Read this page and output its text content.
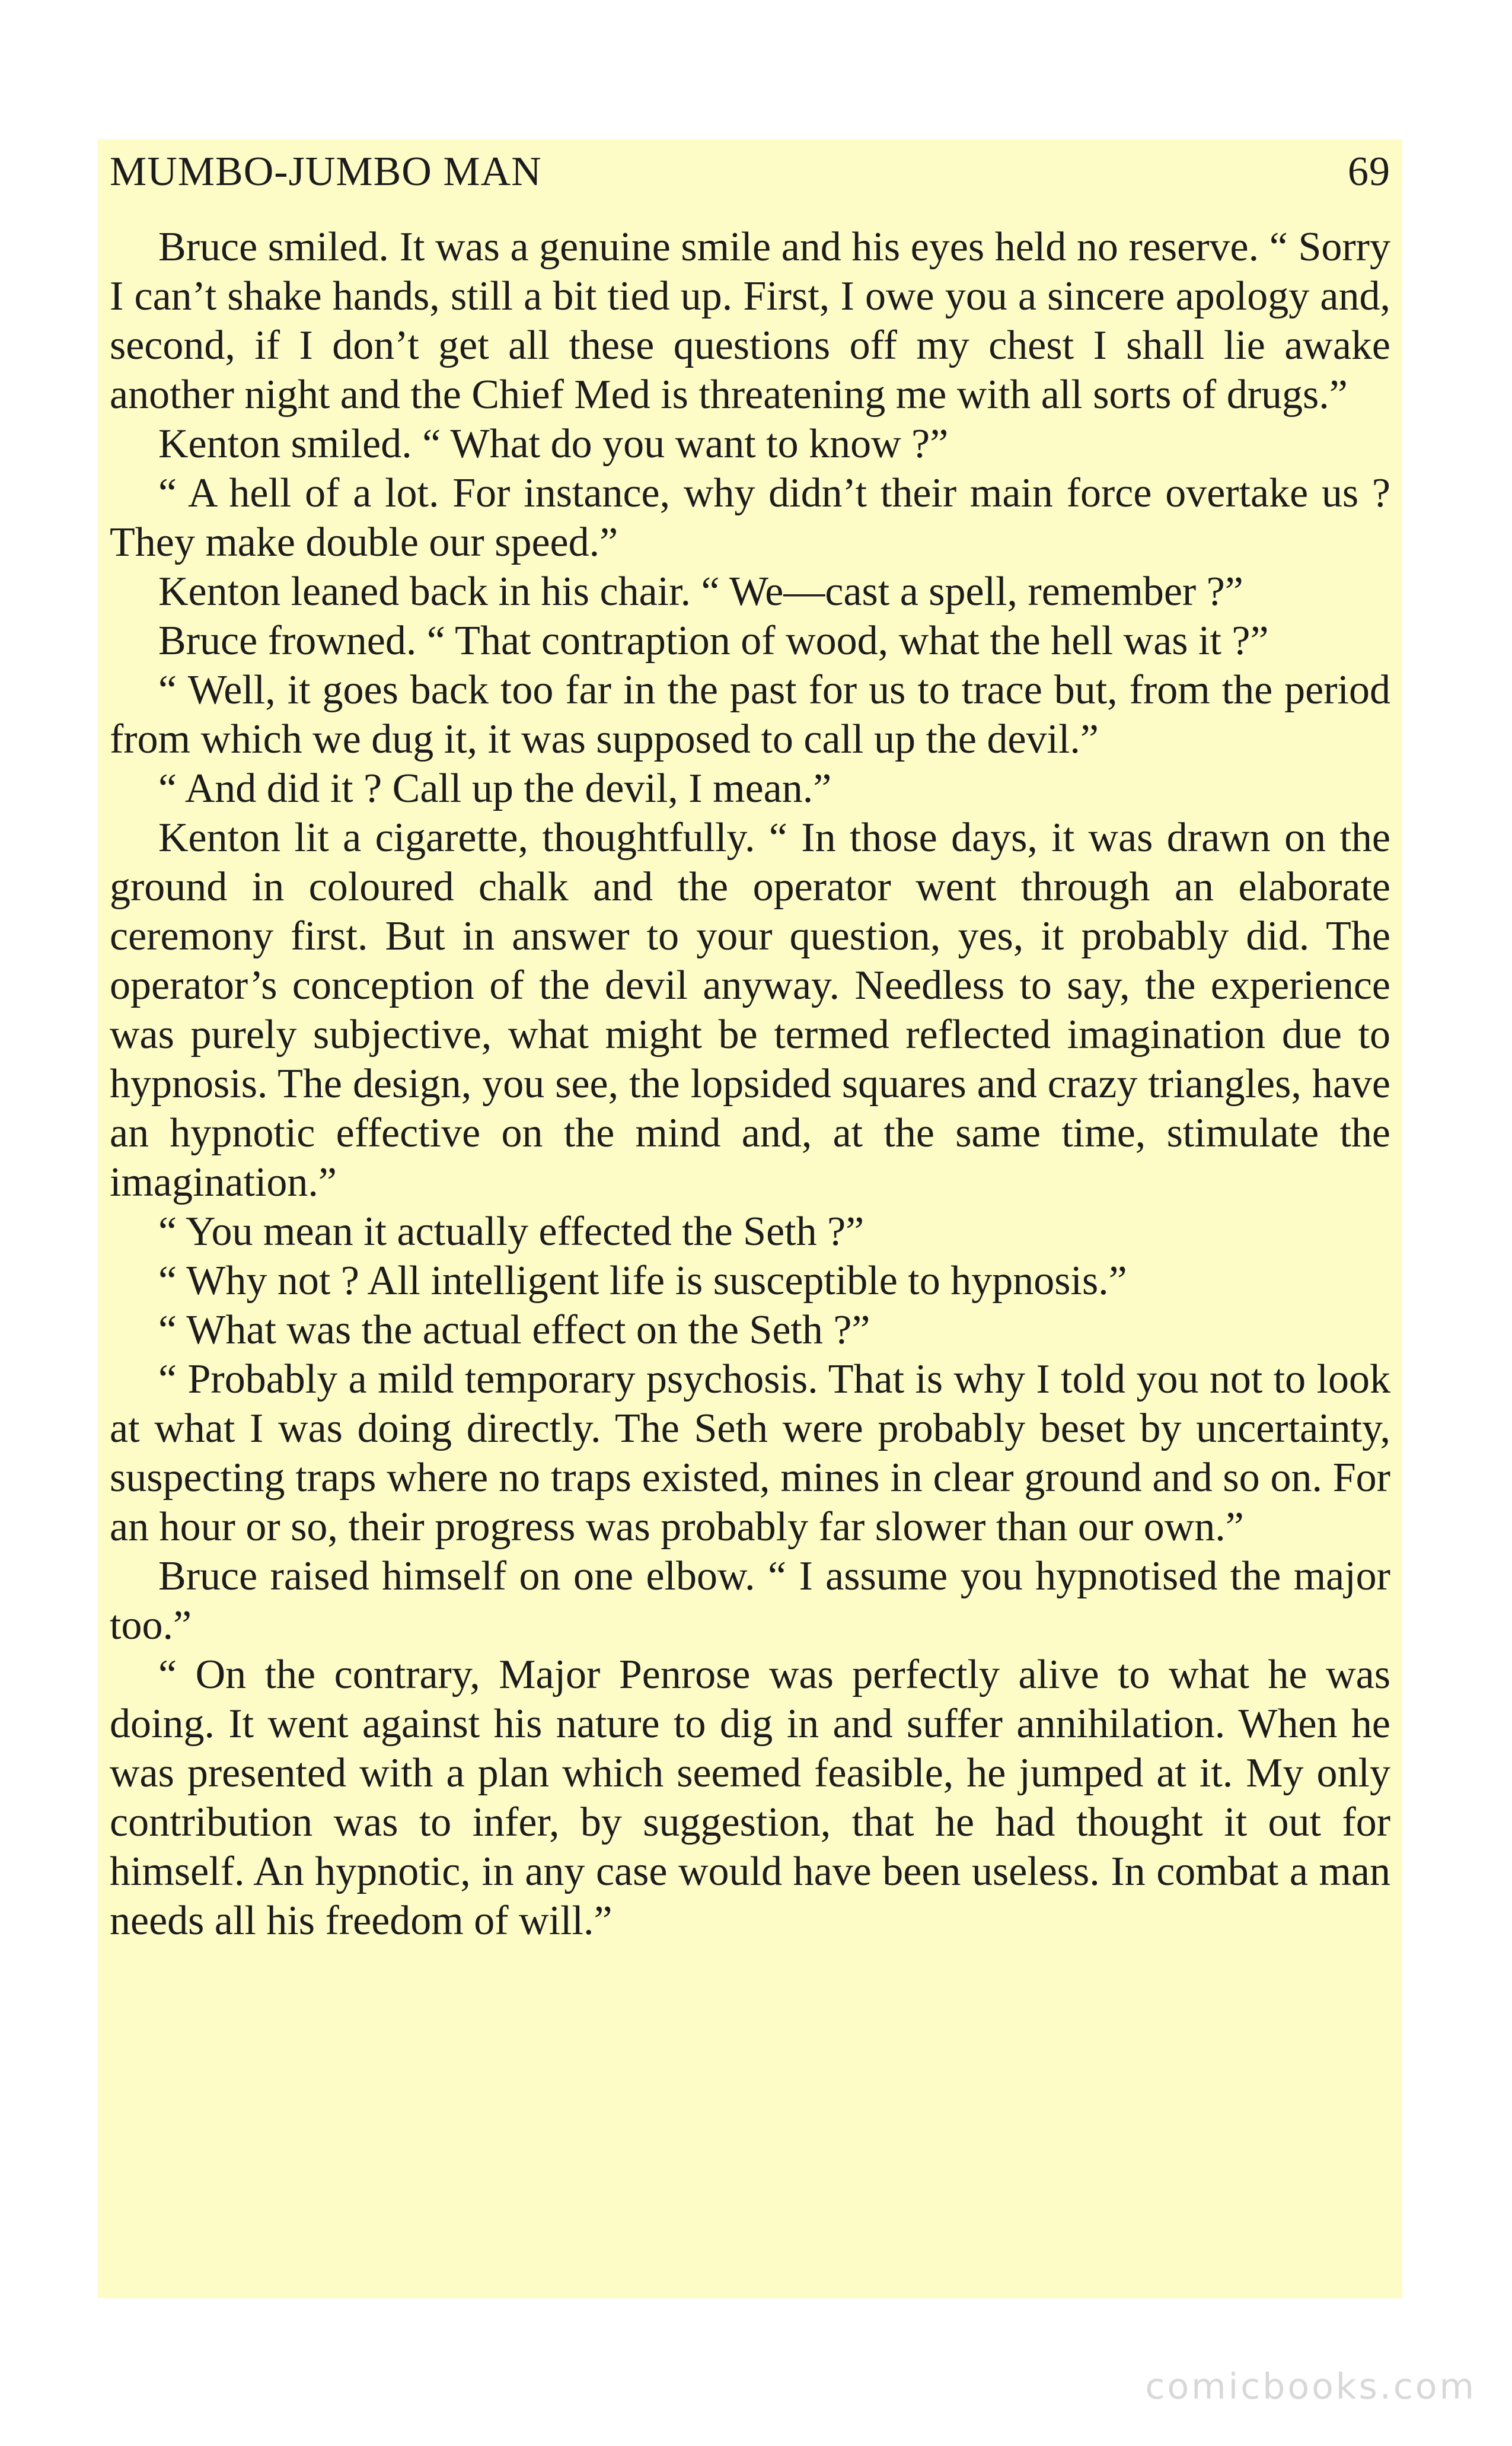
MUMBO-JUMBO MAN	69

Bruce smiled. It was a genuine smile and his eyes held no reserve. “ Sorry I can’t shake hands, still a bit tied up. First, I owe you a sincere apology and, second, if I don’t get all these questions off my chest I shall lie awake another night and the Chief Med is threatening me with all sorts of drugs.”

Kenton smiled. “ What do you want to know ?”

“ A hell of a lot. For instance, why didn’t their main force overtake us ? They make double our speed.”

Kenton leaned back in his chair. “ We—cast a spell, remember ?”

Bruce frowned. “ That contraption of wood, what the hell was it ?”

“ Well, it goes back too far in the past for us to trace but, from the period from which we dug it, it was supposed to call up the devil.”

“ And did it ? Call up the devil, I mean.”

Kenton lit a cigarette, thoughtfully. “ In those days, it was drawn on the ground in coloured chalk and the operator went through an elaborate ceremony first. But in answer to your question, yes, it probably did. The operator’s conception of the devil anyway. Needless to say, the experience was purely subjective, what might be termed reflected imagination due to hypnosis. The design, you see, the lopsided squares and crazy triangles, have an hypnotic effective on the mind and, at the same time, stimulate the imagination.”

“ You mean it actually effected the Seth ?”

“ Why not ? All intelligent life is susceptible to hypnosis.”

“ What was the actual effect on the Seth ?”

“ Probably a mild temporary psychosis. That is why I told you not to look at what I was doing directly. The Seth were probably beset by uncertainty, suspecting traps where no traps existed, mines in clear ground and so on. For an hour or so, their progress was probably far slower than our own.”

Bruce raised himself on one elbow. “ I assume you hypnotised the major too.”

“ On the contrary, Major Penrose was perfectly alive to what he was doing. It went against his nature to dig in and suffer annihilation. When he was presented with a plan which seemed feasible, he jumped at it. My only contribution was to infer, by suggestion, that he had thought it out for himself. An hypnotic, in any case would have been useless. In combat a man needs all his freedom of will.”

comicbooks.com
